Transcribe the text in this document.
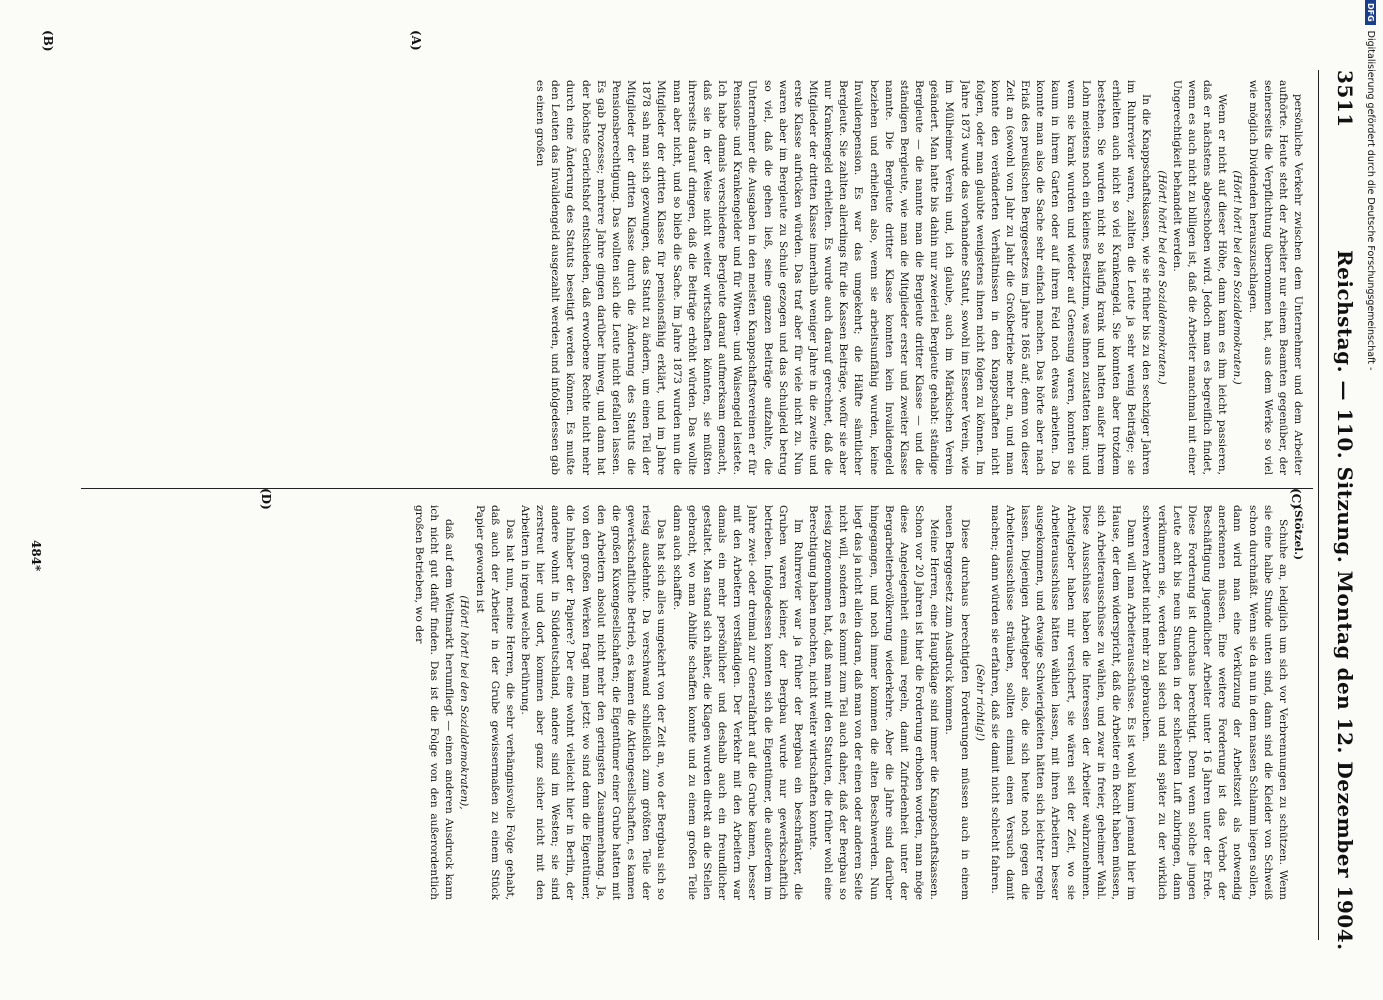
DFG
Digitalisierung gefördert durch die Deutsche Forschungsgemeinschaft -
3511
Reichstag. — 110. Sitzung. Montag den 12. Dezember 1904.
(C)
(A)
(D)
(B)

persönliche Verkehr zwischen dem Unternehmer und dem Arbeiter aufhörte. Heute steht der Arbeiter nur einem Beamten gegenüber, der seinerseits die Verpflichtung übernommen hat, aus dem Werke so viel wie möglich Dividenden herauszuschlagen.

(Hört! hört! bei den Sozialdemokraten.)

Wenn er nicht auf dieser Höhe, dann kann es ihm leicht passieren, daß er nächstens abgeschoben wird. Jedoch man es begreiflich findet, wenn es auch nicht zu billigen ist, daß die Arbeiter manchmal mit einer Ungerechtigkeit behandelt werden.

(Hört! hört! bei den Sozialdemokraten.)

In die Knappschaftskassen, wie sie früher bis zu den sechziger Jahren im Ruhrrevier waren, zahlten die Leute ja sehr wenig Beiträge; sie erhielten auch nicht so viel Krankengeld. Sie konnten aber trotzdem bestehen. Sie wurden nicht so häufig krank und hatten außer ihrem Lohn meistens noch ein kleines Besitztum, was ihnen zustatten kam; und wenn sie krank wurden und wieder auf Genesung waren, konnten sie kaum in ihrem Garten oder auf ihrem Feld noch etwas arbeiten. Da konnte man also die Sache sehr einfach machen. Das hörte aber nach Erlaß des preußischen Berggesetzes im Jahre 1865 auf; denn von dieser Zeit an (sowohl von Jahr zu Jahr die Großbetriebe mehr an, und man konnte den veränderten Verhältnissen in den Knappschaften nicht folgen, oder man glaubte wenigstens ihnen nicht folgen zu können. Im Jahre 1873 wurde das vorhandene Statut, sowohl im Essener Verein, wie im Mülheimer Verein und, ich glaube, auch im Märkischen Verein geändert. Man hatte bis dahin nur zweierlei Bergleute gehabt: ständige Bergleute — die nannte man die Bergleute dritter Klasse — und die ständigen Bergleute, wie man die Mitglieder erster und zweiter Klasse nannte. Die Bergleute dritter Klasse konnten kein Invalidengeld beziehen und erhielten also, wenn sie arbeitsunfähig wurden, keine Invalidenpension. Es war das umgekehrt; die Hälfte sämtlicher Bergleute. Sie zahlten allerdings für die Kassen Beiträge, wofür sie aber nur Krankengeld erhielten. Es wurde auch darauf gerechnet, daß die Mitglieder der dritten Klasse innerhalb weniger Jahre in die zweite und erste Klasse aufrücken würden. Das traf aber für viele nicht zu. Nun waren aber im Bergleute zu Schule gezogen und das Schulgeld betrug so viel, daß die gehen ließ, seine ganzen Beiträge aufzahlte, die Unternehmer die Ausgaben in den meisten Knappschaftsvereinen er für Pensions- und Krankengelder und für Witwen- und Waisengeld leistete. Ich habe damals verschiedene Bergleute darauf aufmerksam gemacht, daß sie in der Weise nicht weiter wirtschaften könnten, sie müßten ihrerseits darauf dringen, daß die Beiträge erhöht würden. Das wollte man aber nicht, und so blieb die Sache. Im Jahre 1873 wurden nun die Mitglieder der dritten Klasse für pensionsfähig erklärt, und im Jahre 1878 sah man sich gezwungen, das Statut zu ändern, um einen Teil der Mitglieder der dritten Klasse durch die Änderung des Statuts die Pensionsberechtigung. Das wollten sich die Leute nicht gefallen lassen. Es gab Prozesse; mehrere Jahre gingen darüber hinweg, und dann hat der höchste Gerichtshof entschieden, daß erworbene Rechte nicht mehr durch eine Änderung des Statuts beseitigt werden können. Es mußte den Leuten das Invalidengeld ausgezahlt werden, und infolgedessen gab es einen großen

(Stötzel.)

Schuhe an, lediglich um sich vor Verbrennungen zu schützen. Wenn sie eine halbe Stunde unten sind, dann sind die Kleider von Schweiß schon durchnäßt. Wenn sie da nun in dem nassen Schlamm liegen sollen, dann wird man eine Verkürzung der Arbeitszeit als notwendig anerkennen müssen. Eine weitere Forderung ist das Verbot der Beschäftigung jugendlicher Arbeiter unter 16 Jahren unter der Erde. Diese Forderung ist durchaus berechtigt. Denn wenn solche jungen Leute acht bis neun Stunden in der schlechten Luft zubringen, dann verkümmern sie, werden bald siech und sind später zu der wirklich schweren Arbeit nicht mehr zu gebrauchen.

Dann will man Arbeiterausschüsse. Es ist wohl kaum jemand hier im Hause, der dem widerspricht, daß die Arbeiter ein Recht haben müssen, sich Arbeiterausschüsse zu wählen, und zwar in freier, geheimer Wahl. Diese Ausschüsse haben die Interessen der Arbeiter wahrzunehmen. Arbeitgeber haben mir versichert, sie wären seit der Zeit, wo sie Arbeiterausschüsse hätten wählen lassen, mit ihren Arbeitern besser ausgekommen, und etwaige Schwierigkeiten hätten sich leichter regeln lassen. Diejenigen Arbeitgeber also, die sich heute noch gegen die Arbeiterausschüsse sträuben, sollten einmal einen Versuch damit machen; dann würden sie erfahren, daß sie damit nicht schlecht fahren.

(Sehr richtig!)

Diese durchaus berechtigten Forderungen müssen auch in einem neuen Berggesetz zum Ausdruck kommen.

Meine Herren, eine Hauptklage sind immer die Knappschaftskassen. Schon vor 20 Jahren ist hier die Forderung erhoben worden, man möge diese Angelegenheit einmal regeln, damit Zufriedenheit unter der Bergarbeiterbevölkerung wiederkehre. Aber die Jahre sind darüber hingegangen, und noch immer kommen die alten Beschwerden. Nun liegt das ja nicht allein daran, daß man von der einen oder anderen Seite nicht will, sondern es kommt zum Teil auch daher, daß der Bergbau so riesig zugenommen hat, daß man mit den Statuten, die früher wohl eine Berechtigung haben mochten, nicht weiter wirtschaften konnte.

Im Ruhrrevier war ja früher der Bergbau ein beschränkter, die Gruben waren kleiner, der Bergbau wurde nur gewerkschaftlich betrieben. Infolgedessen konnten sich die Eigentümer, die außerdem im Jahre zwei- oder dreimal zur Generalfahrt auf die Grube kamen, besser mit den Arbeitern verständigen. Der Verkehr mit den Arbeitern war damals ein mehr persönlicher und deshalb auch ein freundlicher gestaltet. Man stand sich näher, die Klagen wurden direkt an die Stellen gebracht, wo man Abhilfe schaffen konnte und zu einem großen Teile dann auch schaffte.

Das hat sich alles umgekehrt von der Zeit an, wo der Bergbau sich so riesig ausdehnte. Da verschwand schließlich zum größten Teile der gewerkschaftliche Betrieb, es kamen die Aktiengesellschaften, es kamen die großen Kuxengesellschaften; die Eigentümer einer Grube hatten mit den Arbeitern absolut nicht mehr den geringsten Zusammenhang. Ja, von den großen Werken fragt man jetzt: wo sind denn die Eigentümer, die Inhaber der Papiere? Der eine wohnt vielleicht hier in Berlin, der andere wohnt in Süddeutschland, andere sind im Westen; sie sind zerstreut hier und dort, kommen aber ganz sicher nicht mit den Arbeitern in irgend welche Berührung.

Das hat nun, meine Herren, die sehr verhängnisvolle Folge gehabt, daß auch der Arbeiter in der Grube gewissermaßen zu einem Stück Papier geworden ist

(Hört! hört! bei den Sozialdemokraten),

daß auf dem Weltmarkt herumfliegt — einen anderen Ausdruck kann ich nicht gut dafür finden. Das ist die Folge von den außerordentlich großen Betrieben, wo der

484*
